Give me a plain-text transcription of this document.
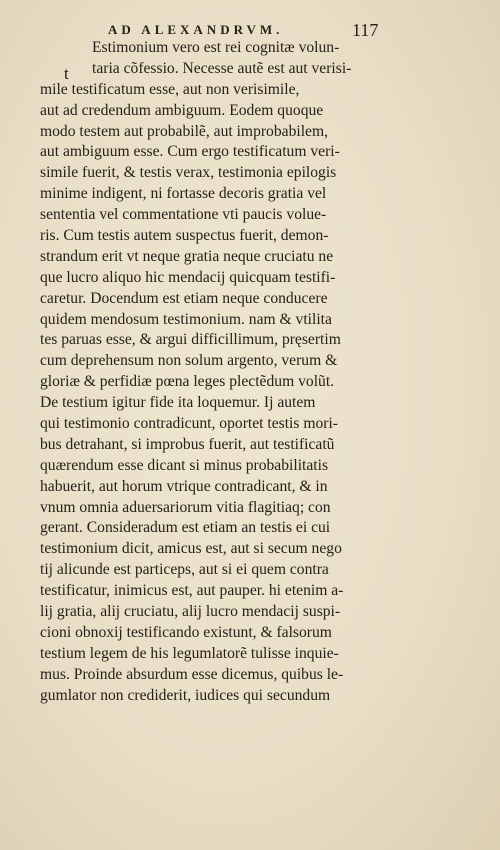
AD ALEXANDRVM.	117
t
Estimonium vero est rei cognitæ volun-
taria cõfessio. Necesse autẽ est aut verisi-
mile testificatum esse, aut non verisimile,
aut ad credendum ambiguum. Eodem quoque
modo testem aut probabilẽ, aut improbabilem,
aut ambiguum esse. Cum ergo testificatum veri-
simile fuerit, & testis verax, testimonia epilogis
minime indigent, ni fortasse decoris gratia vel
sententia vel commentatione vti paucis volue-
ris. Cum testis autem suspectus fuerit, demon-
strandum erit vt neque gratia neque cruciatu ne
que lucro aliquo hic mendacij quicquam testifi-
caretur. Docendum est etiam neque conducere
quidem mendosum testimonium. nam & vtilita
tes paruas esse, & argui difficillimum, pręsertim
cum deprehensum non solum argento, verum &
gloriæ & perfidiæ pœna leges plectẽdum volũt.
De testium igitur fide ita loquemur. Ij autem
qui testimonio contradicunt, oportet testis mori-
bus detrahant, si improbus fuerit, aut testificatũ
quærendum esse dicant si minus probabilitatis
habuerit, aut horum vtrique contradicant, & in
vnum omnia aduersariorum vitia flagitiaq; con
gerant. Consideradum est etiam an testis ei cui
testimonium dicit, amicus est, aut si secum nego
tij alicunde est particeps, aut si ei quem contra
testificatur, inimicus est, aut pauper. hi etenim a-
lij gratia, alij cruciatu, alij lucro mendacij suspi-
cioni obnoxij testificando existunt, & falsorum
testium legem de his legumlatorẽ tulisse inquie-
mus. Proinde absurdum esse dicemus, quibus le-
gumlator non crediderit, iudices qui secundum
